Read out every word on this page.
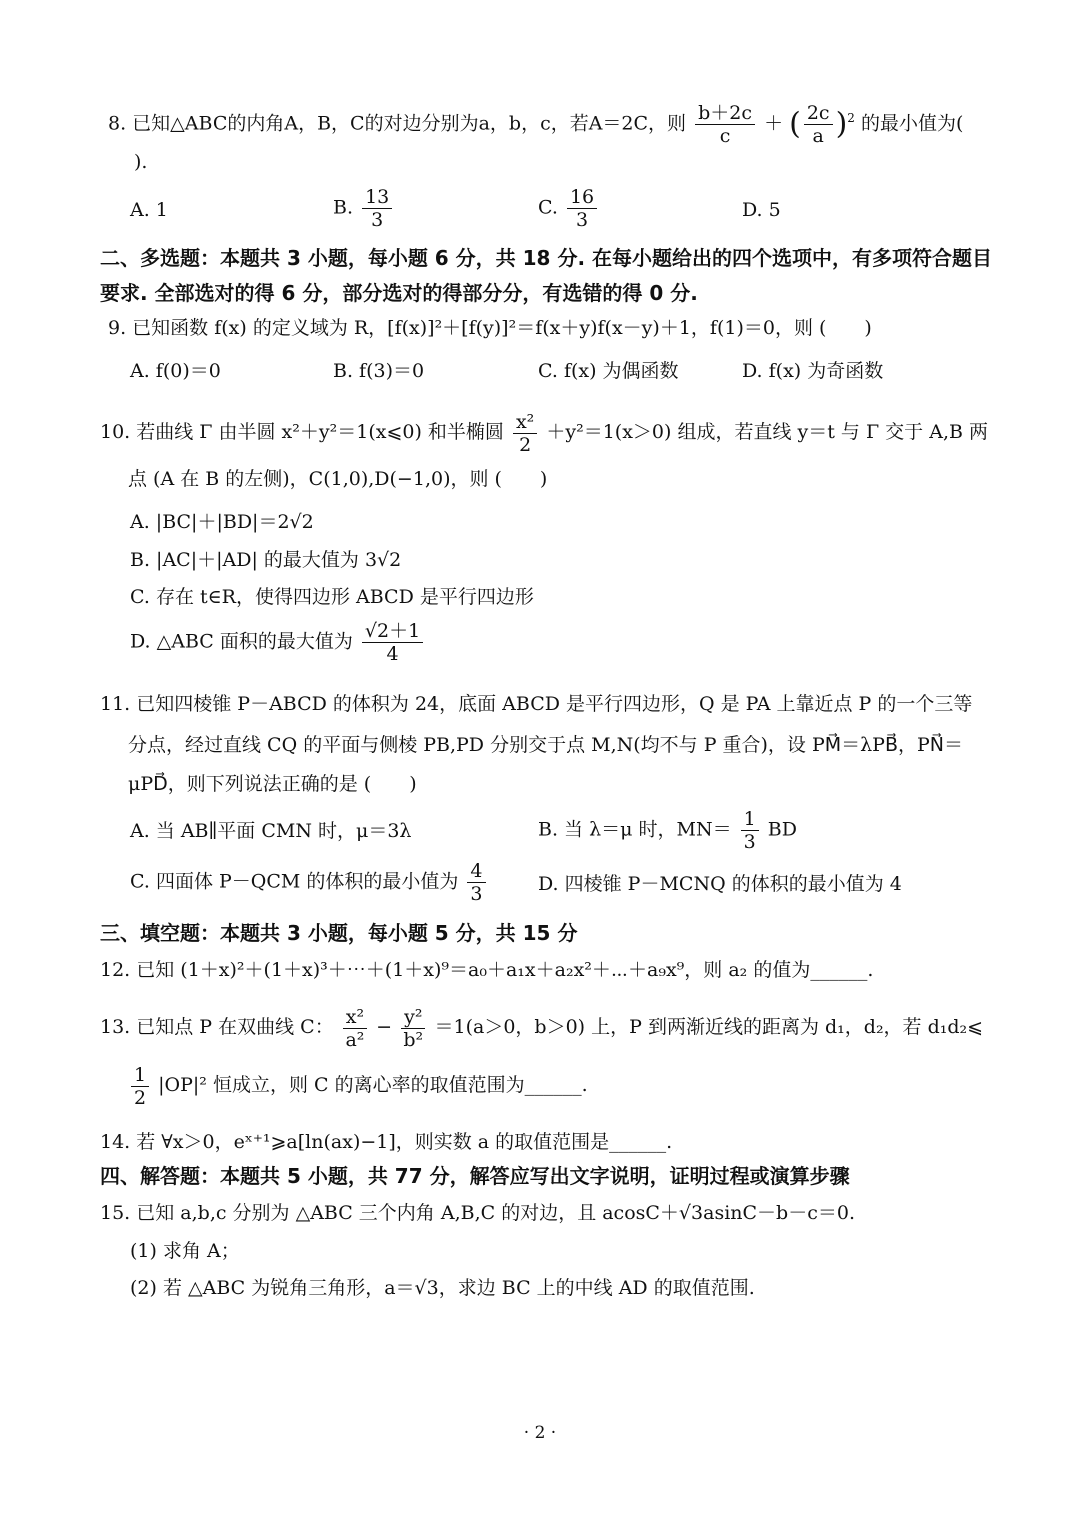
8. 已知△ABC的内角A，B，C的对边分别为a，b，c，若A＝2C，则 $\frac{b+2c}{c}$ ＋ ( $\frac{2c}{a} )^2$ 的最小值为(
).
A. 1	B. $\frac{13}{3}$	C. $\frac{16}{3}$	D. 5
二、多选题：本题共 3 小题，每小题 6 分，共 18 分. 在每小题给出的四个选项中，有多项符合题目
要求. 全部选对的得 6 分，部分选对的得部分分，有选错的得 0 分.
9. 已知函数 f(x) 的定义域为 R，[f(x)]²＋[f(y)]²＝f(x＋y)f(x－y)＋1，f(1)＝0，则 (　　)
A. f(0)＝0	B. f(3)＝0	C. f(x) 为偶函数	D. f(x) 为奇函数
10. 若曲线 Γ 由半圆 x²＋y²＝1(x⩽0) 和半椭圆 $\frac{\text{x²}}{2} +y^2=1(x>0)$ 组成，若直线 y＝t 与 Γ 交于 A,B 两
点 (A 在 B 的左侧)，C(1,0),D(−1,0)，则 (　　)
A. |BC|＋|BD|＝2√2
B. |AC|＋|AD| 的最大值为 3√2
C. 存在 t∈R，使得四边形 ABCD 是平行四边形
D. △ABC 面积的最大值为 $\frac{√2+1}{4}$
11. 已知四棱锥 P－ABCD 的体积为 24，底面 ABCD 是平行四边形，Q 是 PA 上靠近点 P 的一个三等
分点，经过直线 CQ 的平面与侧棱 PB,PD 分别交于点 M,N(均不与 P 重合)，设 PM⃗＝λPB⃗，PN⃗＝
μPD⃗，则下列说法正确的是 (　　)
A. 当 AB∥平面 CMN 时，μ＝3λ	B. 当 λ＝μ 时，$MN= \frac{1}{3}$ BD
C. 四面体 P－QCM 的体积的最小值为 $\frac{4}{3}$	D. 四棱锥 P－MCNQ 的体积的最小值为 4
三、填空题：本题共 3 小题，每小题 5 分，共 15 分
12. 已知 (1＋x)²＋(1＋x)³＋⋯＋(1＋x)⁹＝a₀＋a₁x＋a₂x²＋⋯＋a₉x⁹，则 a₂ 的值为______.
13. 已知点 P 在双曲线 C： $\frac{\text{x²}}{\text{a²}} - \frac{\text{y²}}{\text{b²}} =1(a>0$，b＞0) 上，P 到两渐近线的距离为 d₁，d₂，若 d₁d₂⩽
$\frac{1}{2} |OP|^2$ 恒成立，则 C 的离心率的取值范围为______.
14. 若 ∀x＞0，eˣ⁺¹⩾a[ln(ax)−1]，则实数 a 的取值范围是______.
四、解答题：本题共 5 小题，共 77 分，解答应写出文字说明，证明过程或演算步骤
15. 已知 a,b,c 分别为 △ABC 三个内角 A,B,C 的对边，且 acosC＋√3asinC－b－c＝0.
(1) 求角 A；
(2) 若 △ABC 为锐角三角形，a＝√3，求边 BC 上的中线 AD 的取值范围.
· 2 ·
